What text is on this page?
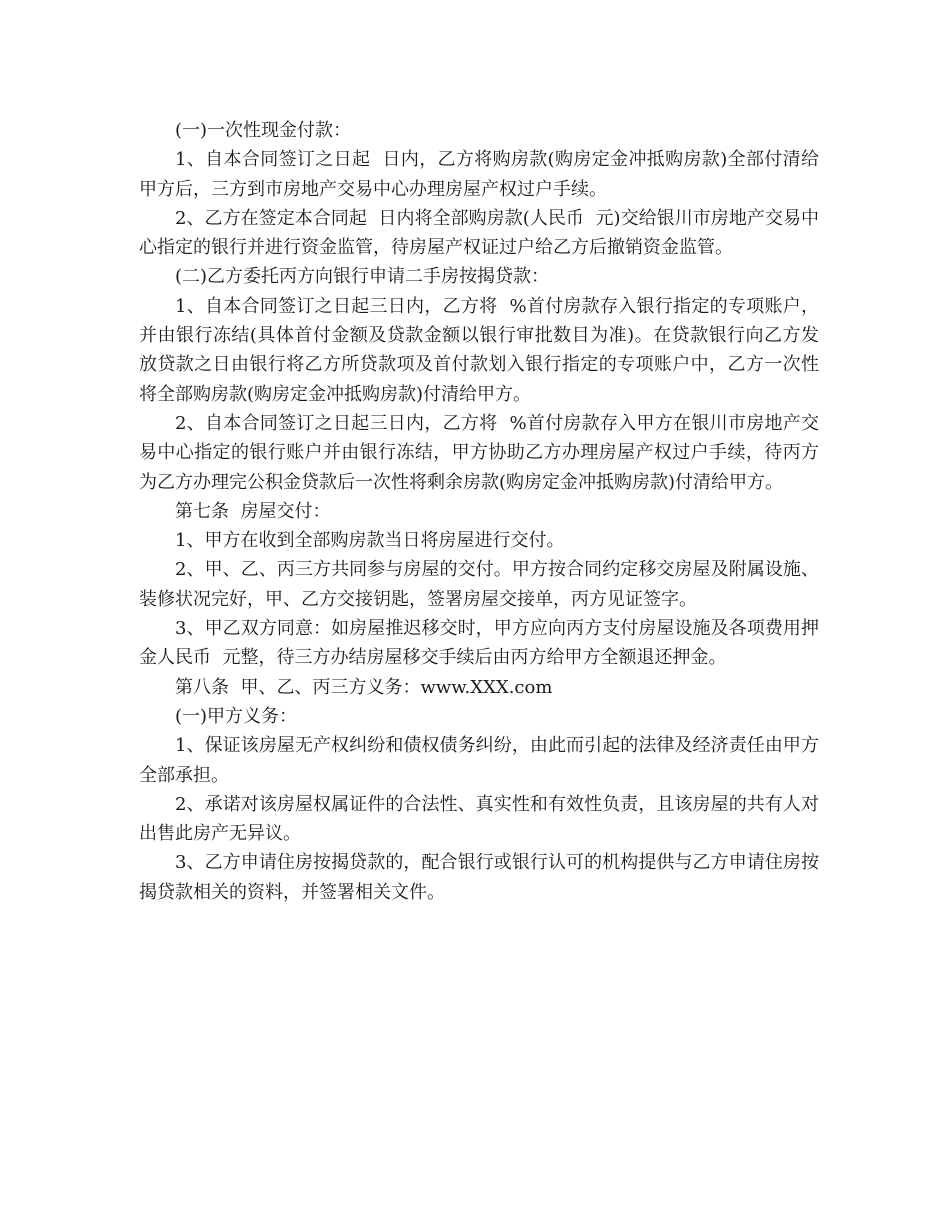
(一)一次性现金付款：

1、自本合同签订之日起  日内，乙方将购房款(购房定金冲抵购房款)全部付清给甲方后，三方到市房地产交易中心办理房屋产权过户手续。

2、乙方在签定本合同起  日内将全部购房款(人民币  元)交给银川市房地产交易中心指定的银行并进行资金监管，待房屋产权证过户给乙方后撤销资金监管。

(二)乙方委托丙方向银行申请二手房按揭贷款：

1、自本合同签订之日起三日内，乙方将  %首付房款存入银行指定的专项账户，并由银行冻结(具体首付金额及贷款金额以银行审批数目为准)。在贷款银行向乙方发放贷款之日由银行将乙方所贷款项及首付款划入银行指定的专项账户中，乙方一次性将全部购房款(购房定金冲抵购房款)付清给甲方。

2、自本合同签订之日起三日内，乙方将  %首付房款存入甲方在银川市房地产交易中心指定的银行账户并由银行冻结，甲方协助乙方办理房屋产权过户手续，待丙方为乙方办理完公积金贷款后一次性将剩余房款(购房定金冲抵购房款)付清给甲方。

第七条  房屋交付：

1、甲方在收到全部购房款当日将房屋进行交付。

2、甲、乙、丙三方共同参与房屋的交付。甲方按合同约定移交房屋及附属设施、装修状况完好，甲、乙方交接钥匙，签署房屋交接单，丙方见证签字。

3、甲乙双方同意：如房屋推迟移交时，甲方应向丙方支付房屋设施及各项费用押金人民币  元整，待三方办结房屋移交手续后由丙方给甲方全额退还押金。

第八条  甲、乙、丙三方义务：www.XXX.com

(一)甲方义务：

1、保证该房屋无产权纠纷和债权债务纠纷，由此而引起的法律及经济责任由甲方全部承担。

2、承诺对该房屋权属证件的合法性、真实性和有效性负责，且该房屋的共有人对出售此房产无异议。

3、乙方申请住房按揭贷款的，配合银行或银行认可的机构提供与乙方申请住房按揭贷款相关的资料，并签署相关文件。
